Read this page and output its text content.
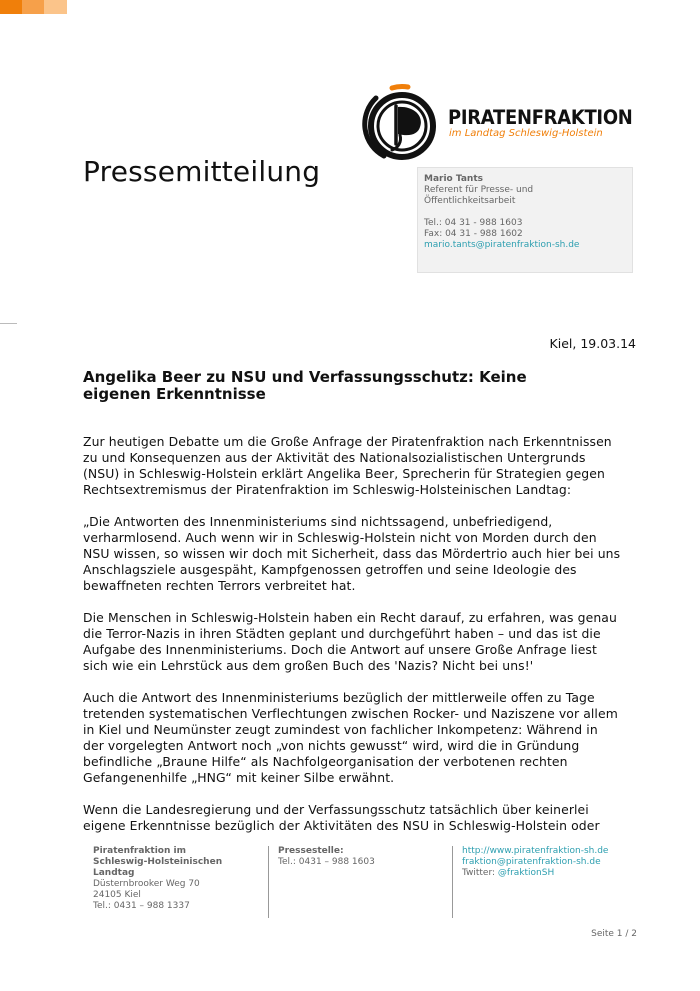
PIRATENFRAKTION
im Landtag Schleswig-Holstein
Pressemitteilung	Mario Tants
Referent für Presse- und
Öffentlichkeitsarbeit
Tel.: 04 31 - 988 1603
Fax: 04 31 - 988 1602
mario.tants@piratenfraktion-sh.de
Kiel, 19.03.14
Angelika Beer zu NSU und Verfassungsschutz: Keine
eigenen Erkenntnisse

Zur heutigen Debatte um die Große Anfrage der Piratenfraktion nach Erkenntnissen
zu und Konsequenzen aus der Aktivität des Nationalsozialistischen Untergrunds
(NSU) in Schleswig-Holstein erklärt Angelika Beer, Sprecherin für Strategien gegen
Rechtsextremismus der Piratenfraktion im Schleswig-Holsteinischen Landtag:

„Die Antworten des Innenministeriums sind nichtssagend, unbefriedigend,
verharmlosend. Auch wenn wir in Schleswig-Holstein nicht von Morden durch den
NSU wissen, so wissen wir doch mit Sicherheit, dass das Mördertrio auch hier bei uns
Anschlagsziele ausgespäht, Kampfgenossen getroffen und seine Ideologie des
bewaffneten rechten Terrors verbreitet hat.

Die Menschen in Schleswig-Holstein haben ein Recht darauf, zu erfahren, was genau
die Terror-Nazis in ihren Städten geplant und durchgeführt haben – und das ist die
Aufgabe des Innenministeriums. Doch die Antwort auf unsere Große Anfrage liest
sich wie ein Lehrstück aus dem großen Buch des 'Nazis? Nicht bei uns!'

Auch die Antwort des Innenministeriums bezüglich der mittlerweile offen zu Tage
tretenden systematischen Verflechtungen zwischen Rocker- und Naziszene vor allem
in Kiel und Neumünster zeugt zumindest von fachlicher Inkompetenz: Während in
der vorgelegten Antwort noch „von nichts gewusst“ wird, wird die in Gründung
befindliche „Braune Hilfe“ als Nachfolgeorganisation der verbotenen rechten
Gefangenenhilfe „HNG“ mit keiner Silbe erwähnt.

Wenn die Landesregierung und der Verfassungsschutz tatsächlich über keinerlei
eigene Erkenntnisse bezüglich der Aktivitäten des NSU in Schleswig-Holstein oder

Piratenfraktion im
Schleswig-Holsteinischen
Landtag
Düsternbrooker Weg 70
24105 Kiel
Tel.: 0431 – 988 1337
Pressestelle:
Tel.: 0431 – 988 1603
http://www.piratenfraktion-sh.de
fraktion@piratenfraktion-sh.de
Twitter: @fraktionSH
Seite 1 / 2
